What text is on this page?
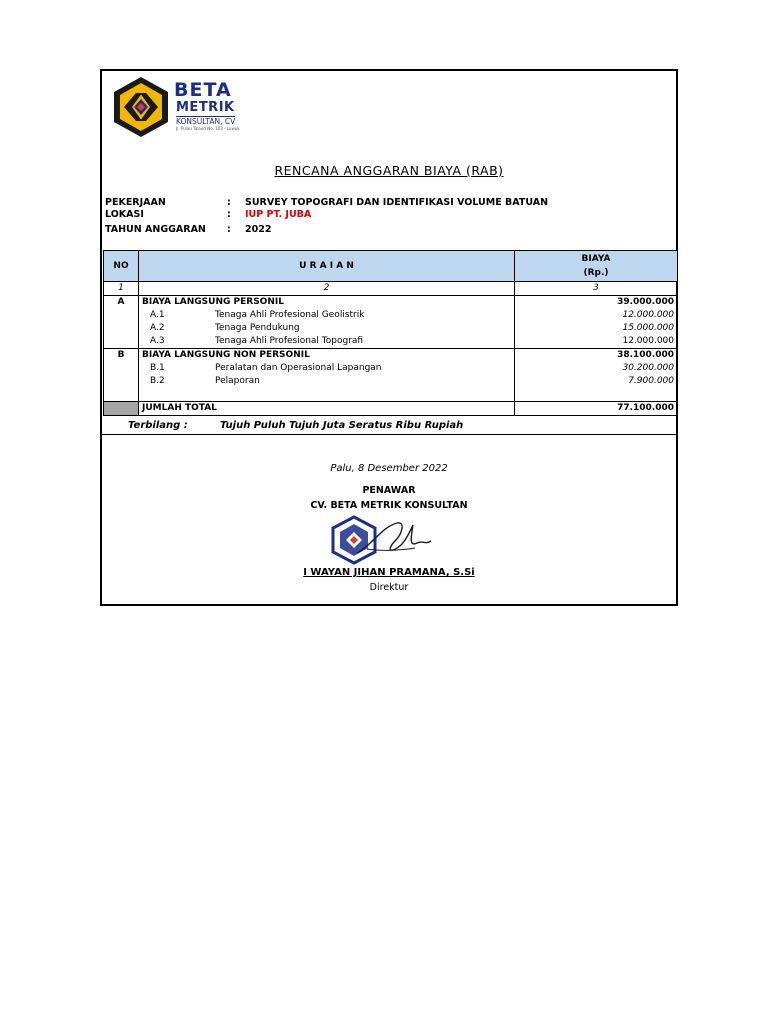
BETA
METRIK
KONSULTAN, CV
Jl. Pulau Talaud No. 103 - Luwuk
RENCANA ANGGARAN BIAYA (RAB)
PEKERJAAN	: SURVEY TOPOGRAFI DAN IDENTIFIKASI VOLUME BATUAN
LOKASI	: IUP PT. JUBA
TAHUN ANGGARAN	: 2022
NO	U R A I A N	BIAYA
(Rp.)

1	2	3
A	BIAYA LANGSUNG PERSONIL	39.000.000
	A.1 Tenaga Ahli Profesional Geolistrik	12.000.000
	A.2 Tenaga Pendukung	15.000.000
	A.3 Tenaga Ahli Profesional Topografi	12.000.000
B	BIAYA LANGSUNG NON PERSONIL	38.100.000
	B.1 Peralatan dan Operasional Lapangan	30.200.000
	B.2 Pelaporan	7.900.000

	JUMLAH TOTAL	77.100.000
Terbilang :	Tujuh Puluh Tujuh Juta Seratus Ribu Rupiah
Palu, 8 Desember 2022
PENAWAR
CV. BETA METRIK KONSULTAN
I WAYAN JIHAN PRAMANA, S.Si
Direktur
